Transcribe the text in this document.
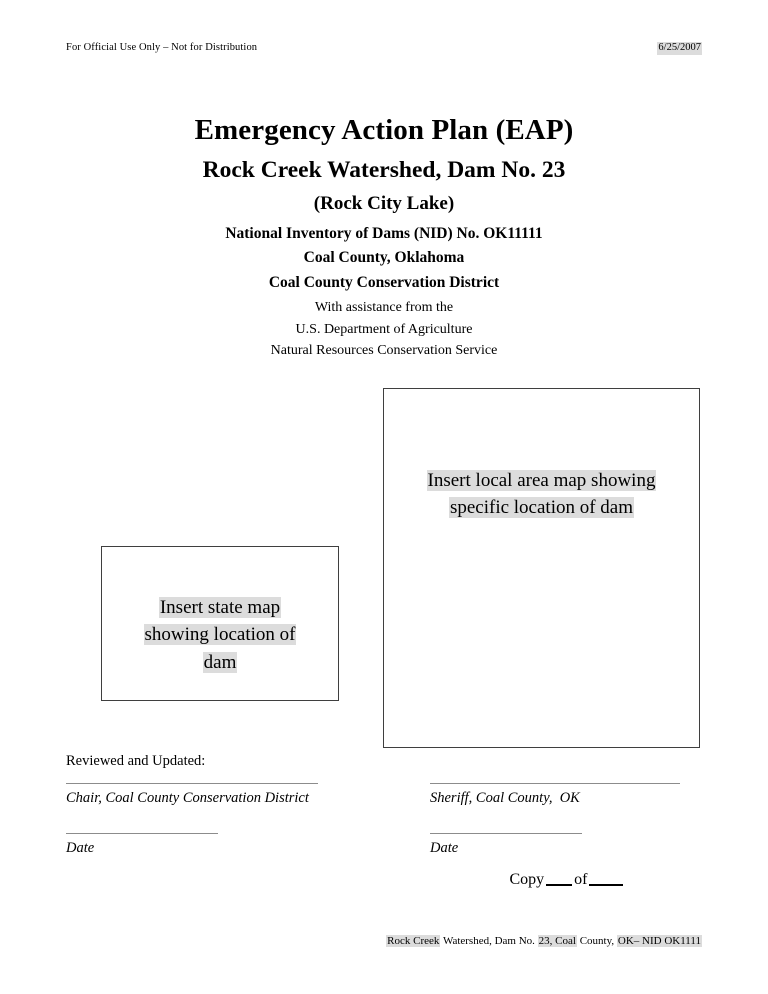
For Official Use Only – Not for Distribution	6/25/2007
Emergency Action Plan (EAP)
Rock Creek Watershed, Dam No. 23
(Rock City Lake)
National Inventory of Dams (NID) No. OK11111
Coal County, Oklahoma
Coal County Conservation District
With assistance from the
U.S. Department of Agriculture
Natural Resources Conservation Service
Insert local area map showing
specific location of dam
Insert state map
showing location of
dam
Reviewed and Updated:
Chair, Coal County Conservation District
Date
Sheriff, Coal County,  OK
Date
Copy of
Rock Creek Watershed, Dam No. 23, Coal County, OK– NID OK1111
